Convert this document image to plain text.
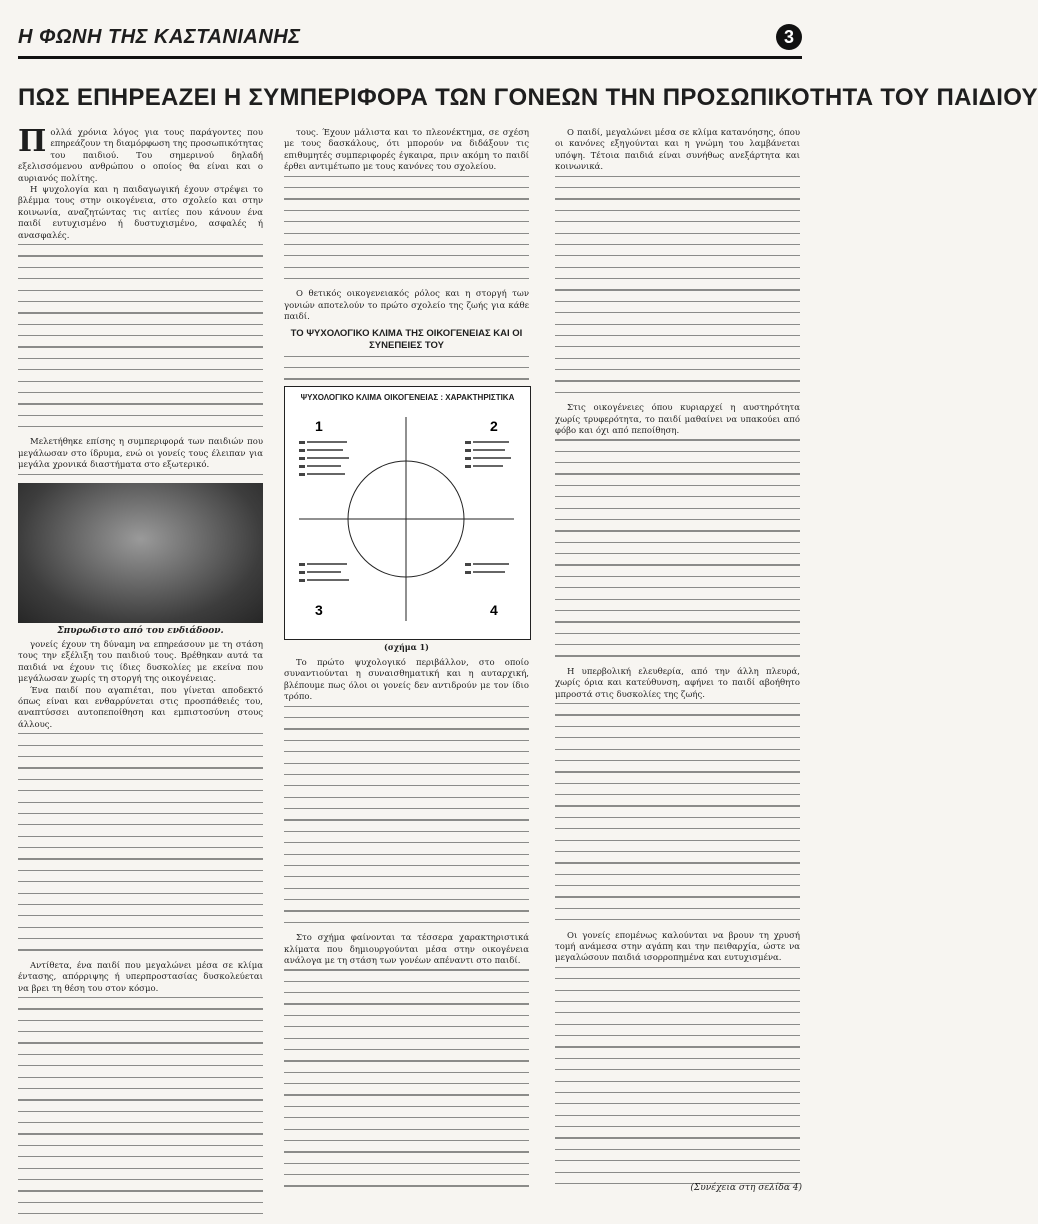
Η ΦΩΝΗ ΤΗΣ ΚΑΣΤΑΝΙΑΝΗΣ	3
ΠΩΣ ΕΠΗΡΕΑΖΕΙ Η ΣΥΜΠΕΡΙΦΟΡΑ ΤΩΝ ΓΟΝΕΩΝ ΤΗΝ ΠΡΟΣΩΠΙΚΟΤΗΤΑ ΤΟΥ ΠΑΙΔΙΟΥ

Πολλά χρόνια λόγος για τους παράγοντες που επηρεάζουν τη διαμόρφωση της προσωπικότητας του παιδιού. Του σημερινού δηλαδή εξελισσόμενου ανθρώπου ο οποίος θα είναι και ο αυριανός πολίτης.

Η ψυχολογία και η παιδαγωγική έχουν στρέψει το βλέμμα τους στην οικογένεια, στο σχολείο και στην κοινωνία, αναζητώντας τις αιτίες που κάνουν ένα παιδί ευτυχισμένο ή δυστυχισμένο, ασφαλές ή ανασφαλές.

Μελετήθηκε επίσης η συμπεριφορά των παιδιών που μεγάλωσαν στο ίδρυμα, ενώ οι γονείς τους έλειπαν για μεγάλα χρονικά διαστήματα στο εξωτερικό.

Σπυρωδιστο από του ενδιάδοον.

γονείς έχουν τη δύναμη να επηρεάσουν με τη στάση τους την εξέλιξη του παιδιού τους. Βρέθηκαν αυτά τα παιδιά να έχουν τις ίδιες δυσκολίες με εκείνα που μεγάλωσαν χωρίς τη στοργή της οικογένειας.

Ένα παιδί που αγαπιέται, που γίνεται αποδεκτό όπως είναι και ενθαρρύνεται στις προσπάθειές του, αναπτύσσει αυτοπεποίθηση και εμπιστοσύνη στους άλλους.

Αντίθετα, ένα παιδί που μεγαλώνει μέσα σε κλίμα έντασης, απόρριψης ή υπερπροστασίας δυσκολεύεται να βρει τη θέση του στον κόσμο.

τους. Έχουν μάλιστα και το πλεονέκτημα, σε σχέση με τους δασκάλους, ότι μπορούν να διδάξουν τις επιθυμητές συμπεριφορές έγκαιρα, πριν ακόμη το παιδί έρθει αντιμέτωπο με τους κανόνες του σχολείου.

Ο θετικός οικογενειακός ρόλος και η στοργή των γονιών αποτελούν το πρώτο σχολείο της ζωής για κάθε παιδί.

ΤΟ ΨΥΧΟΛΟΓΙΚΟ ΚΛΙΜΑ ΤΗΣ ΟΙΚΟΓΕΝΕΙΑΣ ΚΑΙ ΟΙ ΣΥΝΕΠΕΙΕΣ ΤΟΥ
ΨΥΧΟΛΟΓΙΚΟ ΚΛΙΜΑ ΟΙΚΟΓΕΝΕΙΑΣ : ΧΑΡΑΚΤΗΡΙΣΤΙΚΑ
1	2
3	4
(σχήμα 1)

Το πρώτο ψυχολογικό περιβάλλον, στο οποίο συναντιούνται η συναισθηματική και η αυταρχική, βλέπουμε πως όλοι οι γονείς δεν αντιδρούν με τον ίδιο τρόπο.

Στο σχήμα φαίνονται τα τέσσερα χαρακτηριστικά κλίματα που δημιουργούνται μέσα στην οικογένεια ανάλογα με τη στάση των γονέων απέναντι στο παιδί.

Ο παιδί, μεγαλώνει μέσα σε κλίμα κατανόησης, όπου οι κανόνες εξηγούνται και η γνώμη του λαμβάνεται υπόψη. Τέτοια παιδιά είναι συνήθως ανεξάρτητα και κοινωνικά.

Στις οικογένειες όπου κυριαρχεί η αυστηρότητα χωρίς τρυφερότητα, το παιδί μαθαίνει να υπακούει από φόβο και όχι από πεποίθηση.

Η υπερβολική ελευθερία, από την άλλη πλευρά, χωρίς όρια και κατεύθυνση, αφήνει το παιδί αβοήθητο μπροστά στις δυσκολίες της ζωής.

Οι γονείς επομένως καλούνται να βρουν τη χρυσή τομή ανάμεσα στην αγάπη και την πειθαρχία, ώστε να μεγαλώσουν παιδιά ισορροπημένα και ευτυχισμένα.

(Συνέχεια στη σελίδα 4)
